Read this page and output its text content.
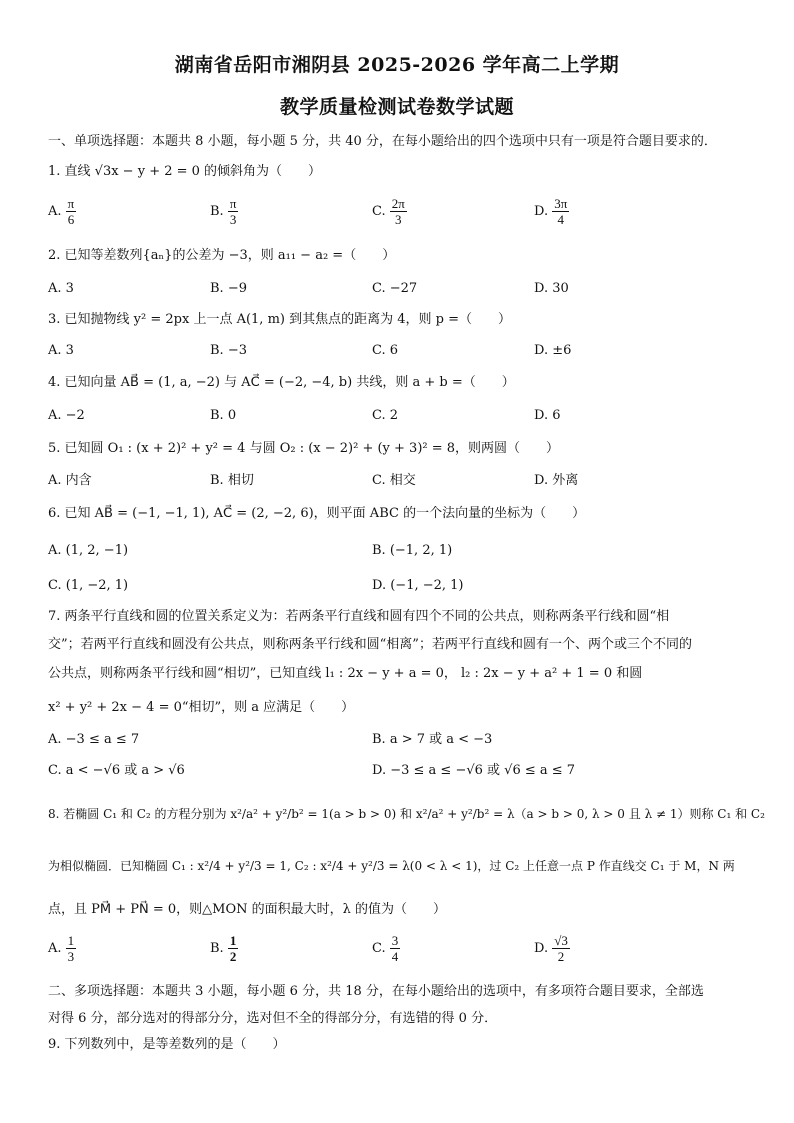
湖南省岳阳市湘阴县 2025-2026 学年高二上学期
教学质量检测试卷数学试题
一、单项选择题：本题共 8 小题，每小题 5 分，共 40 分，在每小题给出的四个选项中只有一项是符合题目要求的．
1. 直线 √3x − y + 2 = 0 的倾斜角为（　　）
A. $\frac{\pi}{6}$	B. $\frac{\pi}{3}$	C. $\frac{2\pi}{3}$	D. $\frac{3\pi}{4}$
2. 已知等差数列{aₙ}的公差为 −3，则 a₁₁ − a₂ =（　　）
A. 3	B. −9	C. −27	D. 30
3. 已知抛物线 y² = 2px 上一点 A(1, m) 到其焦点的距离为 4，则 p =（　　）
A. 3	B. −3	C. 6	D. ±6
4. 已知向量 AB⃗ = (1, a, −2) 与 AC⃗ = (−2, −4, b) 共线，则 a + b =（　　）
A. −2	B. 0	C. 2	D. 6
5. 已知圆 O₁ : (x + 2)² + y² = 4 与圆 O₂ : (x − 2)² + (y + 3)² = 8，则两圆（　　）
A. 内含	B. 相切	C. 相交	D. 外离
6. 已知 AB⃗ = (−1, −1, 1), AC⃗ = (2, −2, 6)，则平面 ABC 的一个法向量的坐标为（　　）
A. (1, 2, −1)	B. (−1, 2, 1)
C. (1, −2, 1)	D. (−1, −2, 1)
7. 两条平行直线和圆的位置关系定义为：若两条平行直线和圆有四个不同的公共点，则称两条平行线和圆“相
交”；若两平行直线和圆没有公共点，则称两条平行线和圆“相离”；若两平行直线和圆有一个、两个或三个不同的
公共点，则称两条平行线和圆“相切”，已知直线 l₁ : 2x − y + a = 0， l₂ : 2x − y + a² + 1 = 0 和圆
x² + y² + 2x − 4 = 0“相切”，则 a 应满足（　　）
A. −3 ≤ a ≤ 7	B. a > 7 或 a < −3
C. a < −√6 或 a > √6	D. −3 ≤ a ≤ −√6 或 √6 ≤ a ≤ 7
8. 若椭圆 C₁ 和 C₂ 的方程分别为 x²/a² + y²/b² = 1(a > b > 0) 和 x²/a² + y²/b² = λ（a > b > 0, λ > 0 且 λ ≠ 1）则称 C₁ 和 C₂
为相似椭圆．已知椭圆 C₁ : x²/4 + y²/3 = 1, C₂ : x²/4 + y²/3 = λ(0 < λ < 1)，过 C₂ 上任意一点 P 作直线交 C₁ 于 M，N 两
点，且 PM⃗ + PN⃗ = 0，则△MON 的面积最大时，λ 的值为（　　）
A. $\frac{1}{3}$	B. $\frac{1}{2}$	C. $\frac{3}{4}$	D. $\frac{√3}{2}$
二、多项选择题：本题共 3 小题，每小题 6 分，共 18 分，在每小题给出的选项中，有多项符合题目要求，全部选
对得 6 分，部分选对的得部分分，选对但不全的得部分分，有选错的得 0 分．
9. 下列数列中，是等差数列的是（　　）
